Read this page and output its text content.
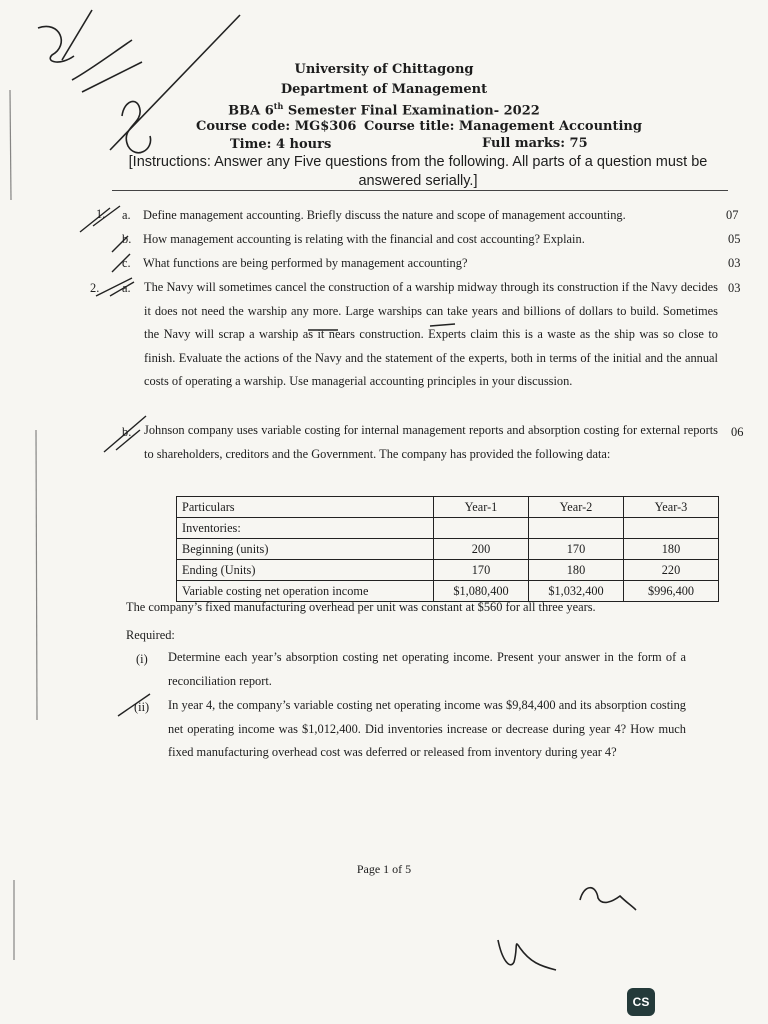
University of Chittagong
Department of Management
BBA 6th Semester Final Examination- 2022
Course code: MG$306 Course title: Management Accounting
Time: 4 hours	Full marks: 75
[Instructions: Answer any Five questions from the following. All parts of a question must be answered serially.]
1. a. Define management accounting. Briefly discuss the nature and scope of management accounting.	07
b. How management accounting is relating with the financial and cost accounting? Explain.	05
c. What functions are being performed by management accounting?	03
2. a. The Navy will sometimes cancel the construction of a warship midway through its construction if the Navy decides it does not need the warship any more. Large warships can take years and billions of dollars to build. Sometimes the Navy will scrap a warship as it nears construction. Experts claim this is a waste as the ship was so close to finish. Evaluate the actions of the Navy and the statement of the experts, both in terms of the initial and the annual costs of operating a warship. Use managerial accounting principles in your discussion.
03
b. Johnson company uses variable costing for internal management reports and absorption costing for external reports to shareholders, creditors and the Government. The company has provided the following data:
06
Particulars	Year-1	Year-2	Year-3
Inventories:			
Beginning (units)	200	170	180
Ending (Units)	170	180	220
Variable costing net operation income	$1,080,400	$1,032,400	$996,400
The company’s fixed manufacturing overhead per unit was constant at $560 for all three years.
Required:
(i) Determine each year’s absorption costing net operating income. Present your answer in the form of a reconciliation report.
(ii) In year 4, the company’s variable costing net operating income was $9,84,400 and its absorption costing net operating income was $1,012,400. Did inventories increase or decrease during year 4? How much fixed manufacturing overhead cost was deferred or released from inventory during year 4?
Page 1 of 5
CS
